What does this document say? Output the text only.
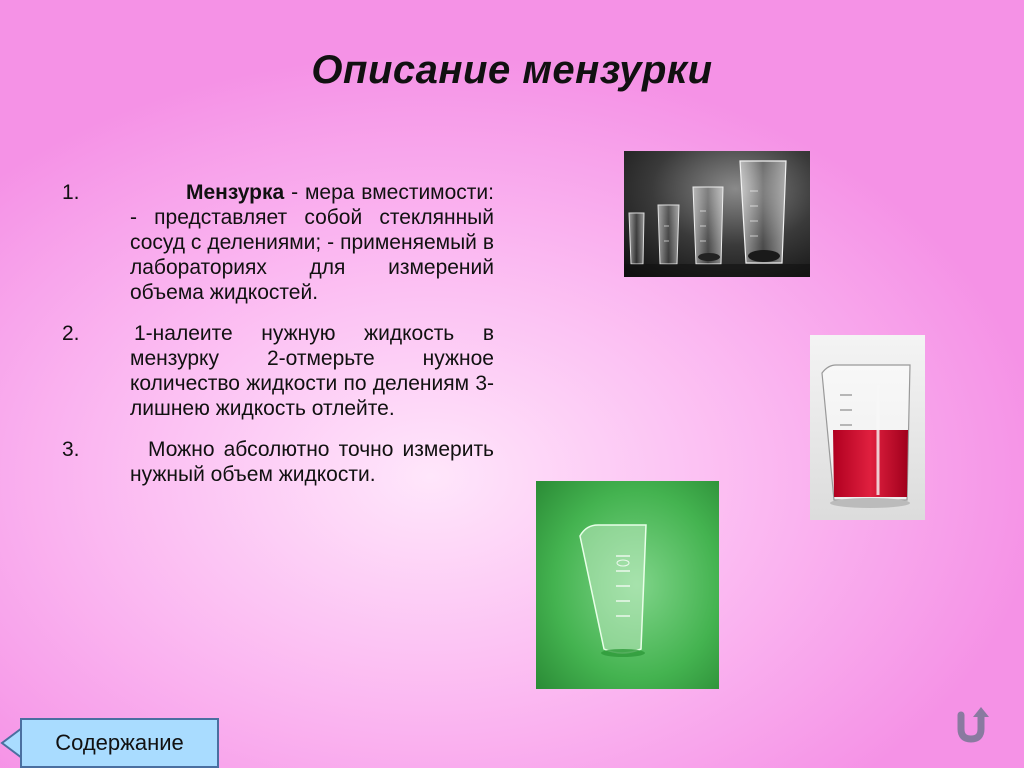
Описание мензурки
1.	Мензурка - мера вместимости: - представляет собой стеклянный сосуд с делениями; - применяемый в лабораториях для измерений объема жидкостей.
2.	1-налеите нужную жидкость в мензурку 2-отмерьте нужное количество жидкости по делениям 3-лишнею жидкость отлейте.
3.	Можно абсолютно точно измерить нужный объем жидкости.
Содержание
